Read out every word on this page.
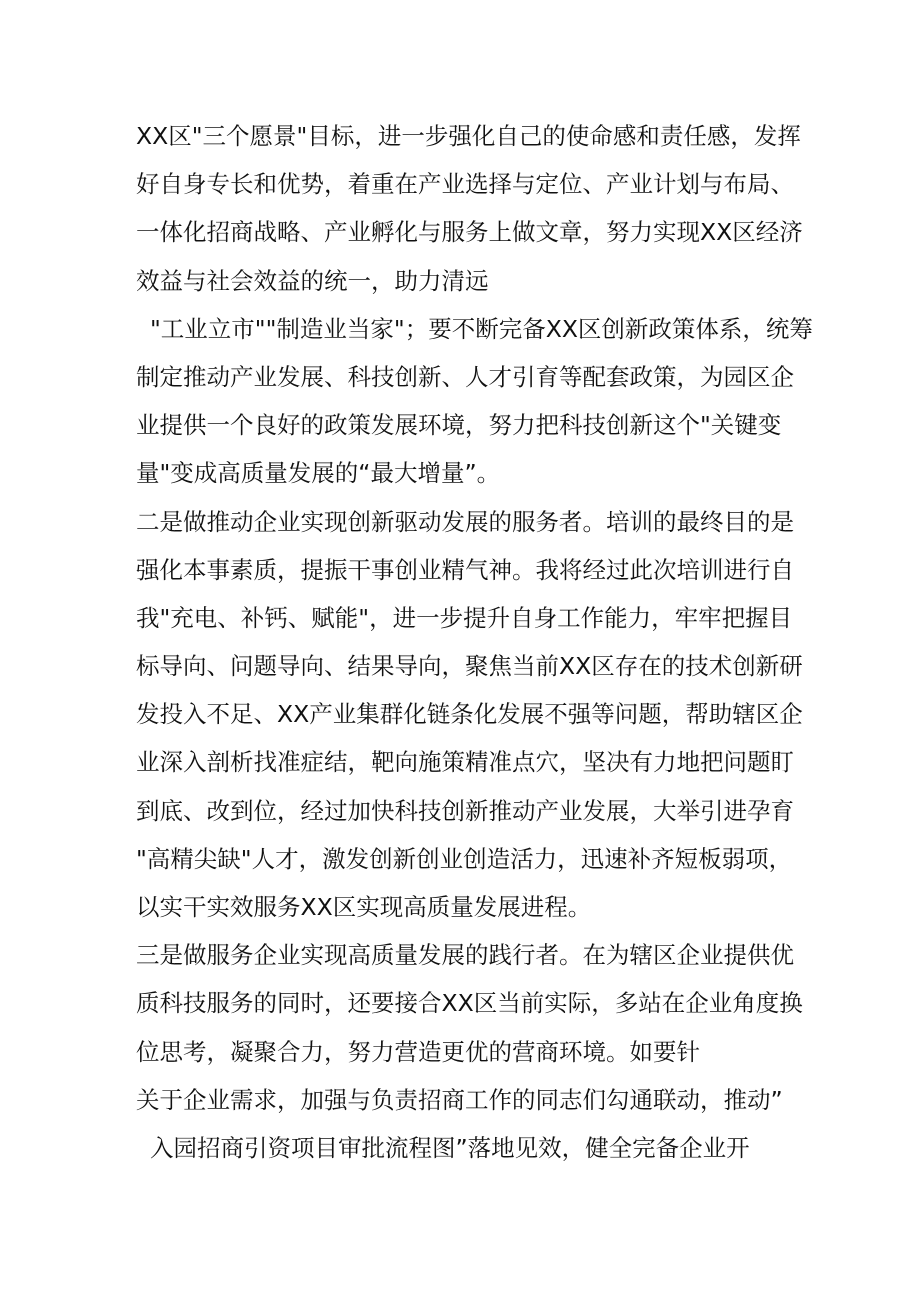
XX区"三个愿景"目标，进一步强化自己的使命感和责任感，发挥
好自身专长和优势，着重在产业选择与定位、产业计划与布局、
一体化招商战略、产业孵化与服务上做文章，努力实现XX区经济
效益与社会效益的统一，助力清远
"工业立市""制造业当家"；要不断完备XX区创新政策体系，统筹
制定推动产业发展、科技创新、人才引育等配套政策，为园区企
业提供一个良好的政策发展环境，努力把科技创新这个"关键变
量"变成高质量发展的“最大增量”。
二是做推动企业实现创新驱动发展的服务者。培训的最终目的是
强化本事素质，提振干事创业精气神。我将经过此次培训进行自
我"充电、补钙、赋能"，进一步提升自身工作能力，牢牢把握目
标导向、问题导向、结果导向，聚焦当前XX区存在的技术创新研
发投入不足、XX产业集群化链条化发展不强等问题，帮助辖区企
业深入剖析找准症结，靶向施策精准点穴，坚决有力地把问题盯
到底、改到位，经过加快科技创新推动产业发展，大举引进孕育
"高精尖缺"人才，激发创新创业创造活力，迅速补齐短板弱项，
以实干实效服务XX区实现高质量发展进程。
三是做服务企业实现高质量发展的践行者。在为辖区企业提供优
质科技服务的同时，还要接合XX区当前实际，多站在企业角度换
位思考，凝聚合力，努力营造更优的营商环境。如要针
关于企业需求，加强与负责招商工作的同志们勾通联动，推动”
入园招商引资项目审批流程图”落地见效，健全完备企业开
